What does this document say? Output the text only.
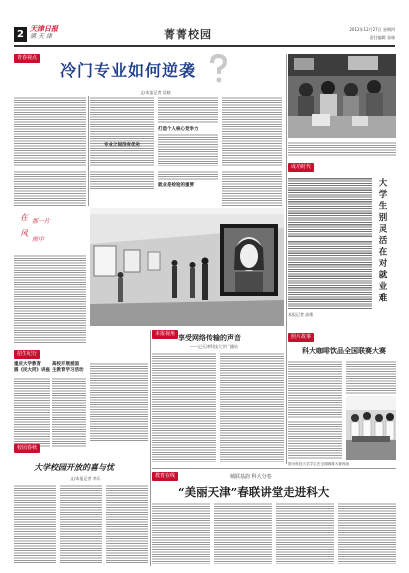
2
天津日报
满天津	菁菁校园	2012年12月27日 星期四
责任编辑 张瑞
青春视点
冷门专业如何逆袭
文/本报记者 吴晓
打造个人核心竞争力
就业是检验的重要
专业之间没有优劣
成功时代
大学生别灵活在对就业难
本报记者 高维
在 那一片
风
雨中
招生纪行
重庆大学教育
圆《民大同》讲座
高校开展爱国
主教育学习活动
本报视角 享受网络传输的声音
——记天津科技大学广播站
照片故事
科大咖啡饮品全国联赛大赛
图为科技大学学生在全国咖啡大赛现场
校园春秋
大学校园开放的喜与忧
文/本报记者 李乐	教育在线	城联基韵 科大分卷
“美丽天津”春联讲堂走进科大
